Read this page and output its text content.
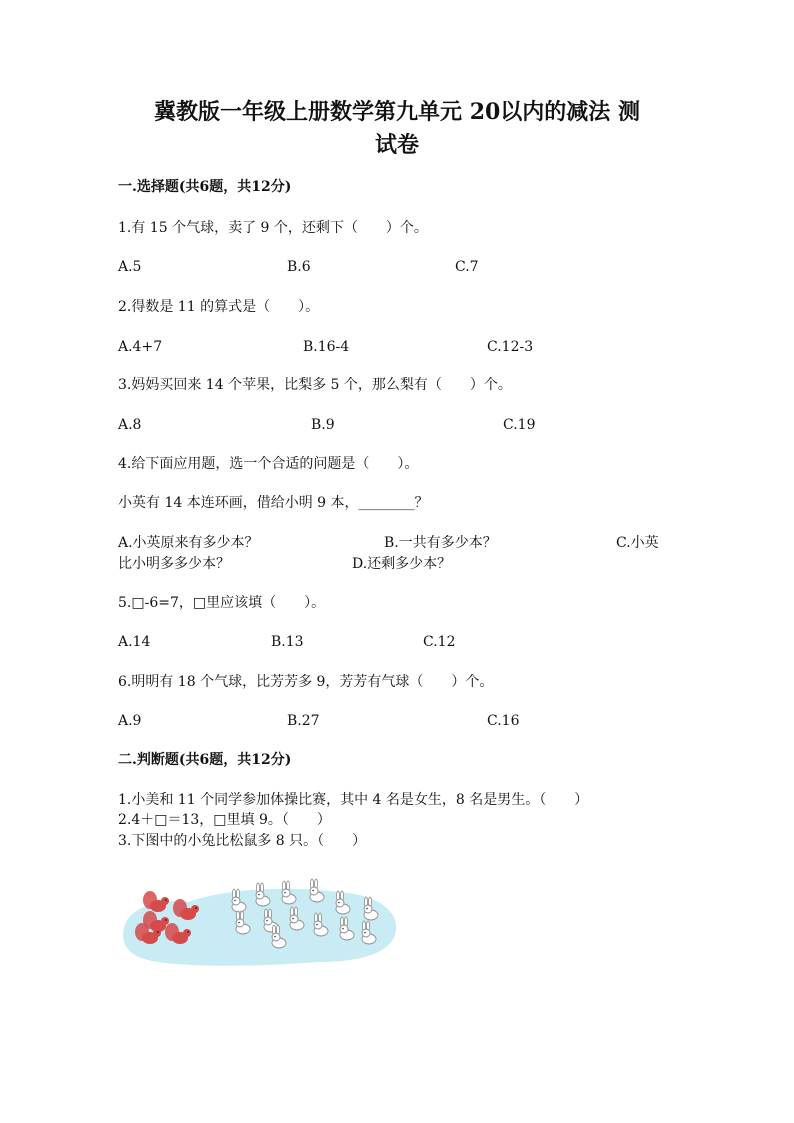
冀教版一年级上册数学第九单元 20以内的减法 测
试卷
一.选择题(共6题，共12分)
1.有 15 个气球，卖了 9 个，还剩下（　　）个。
A.5	B.6	C.7
2.得数是 11 的算式是（　　）。
A.4+7	B.16-4	C.12-3
3.妈妈买回来 14 个苹果，比梨多 5 个，那么梨有（　　）个。
A.8	B.9	C.19
4.给下面应用题，选一个合适的问题是（　　）。
小英有 14 本连环画，借给小明 9 本，________？
A.小英原来有多少本？	B.一共有多少本？	C.小英
比小明多多少本？	D.还剩多少本？
5.□-6=7，□里应该填（　　）。
A.14	B.13	C.12
6.明明有 18 个气球，比芳芳多 9，芳芳有气球（　　）个。
A.9	B.27	C.16
二.判断题(共6题，共12分)
1.小美和 11 个同学参加体操比赛，其中 4 名是女生，8 名是男生。（　　）
2.4＋□＝13，□里填 9。（　　）
3.下图中的小兔比松鼠多 8 只。（　　）
